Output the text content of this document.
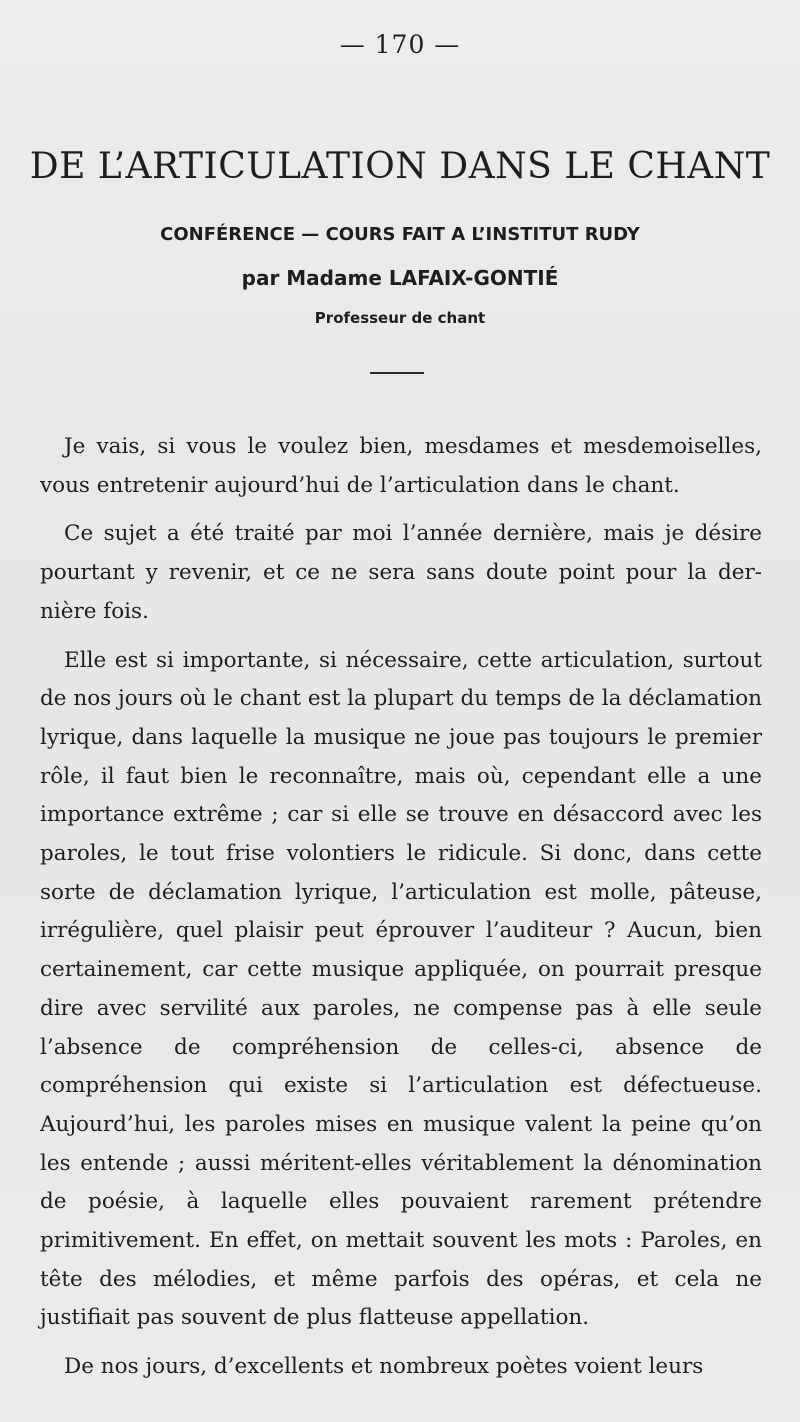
— 170 —
DE L’ARTICULATION DANS LE CHANT
CONFÉRENCE — COURS FAIT A L’INSTITUT RUDY
par Madame LAFAIX-GONTIÉ
Professeur de chant

Je vais, si vous le voulez bien, mesdames et mesdemoiselles, vous entretenir aujourd’hui de l’articulation dans le chant.

Ce sujet a été traité par moi l’année dernière, mais je désire pourtant y revenir, et ce ne sera sans doute point pour la dernière fois.

Elle est si importante, si nécessaire, cette articulation, surtout de nos jours où le chant est la plupart du temps de la déclamation lyrique, dans laquelle la musique ne joue pas toujours le premier rôle, il faut bien le reconnaître, mais où, cependant elle a une importance extrême ; car si elle se trouve en désaccord avec les paroles, le tout frise volontiers le ridicule. Si donc, dans cette sorte de déclamation lyrique, l’articulation est molle, pâteuse, irrégulière, quel plaisir peut éprouver l’auditeur ? Aucun, bien certainement, car cette musique appliquée, on pourrait presque dire avec servilité aux paroles, ne compense pas à elle seule l’absence de compréhension de celles-ci, absence de compréhension qui existe si l’articulation est défectueuse. Aujourd’hui, les paroles mises en musique valent la peine qu’on les entende ; aussi méritent-elles véritablement la dénomination de poésie, à laquelle elles pouvaient rarement prétendre primitivement. En effet, on mettait souvent les mots : Paroles, en tête des mélodies, et même parfois des opéras, et cela ne justifiait pas souvent de plus flatteuse appellation.

De nos jours, d’excellents et nombreux poètes voient leurs
